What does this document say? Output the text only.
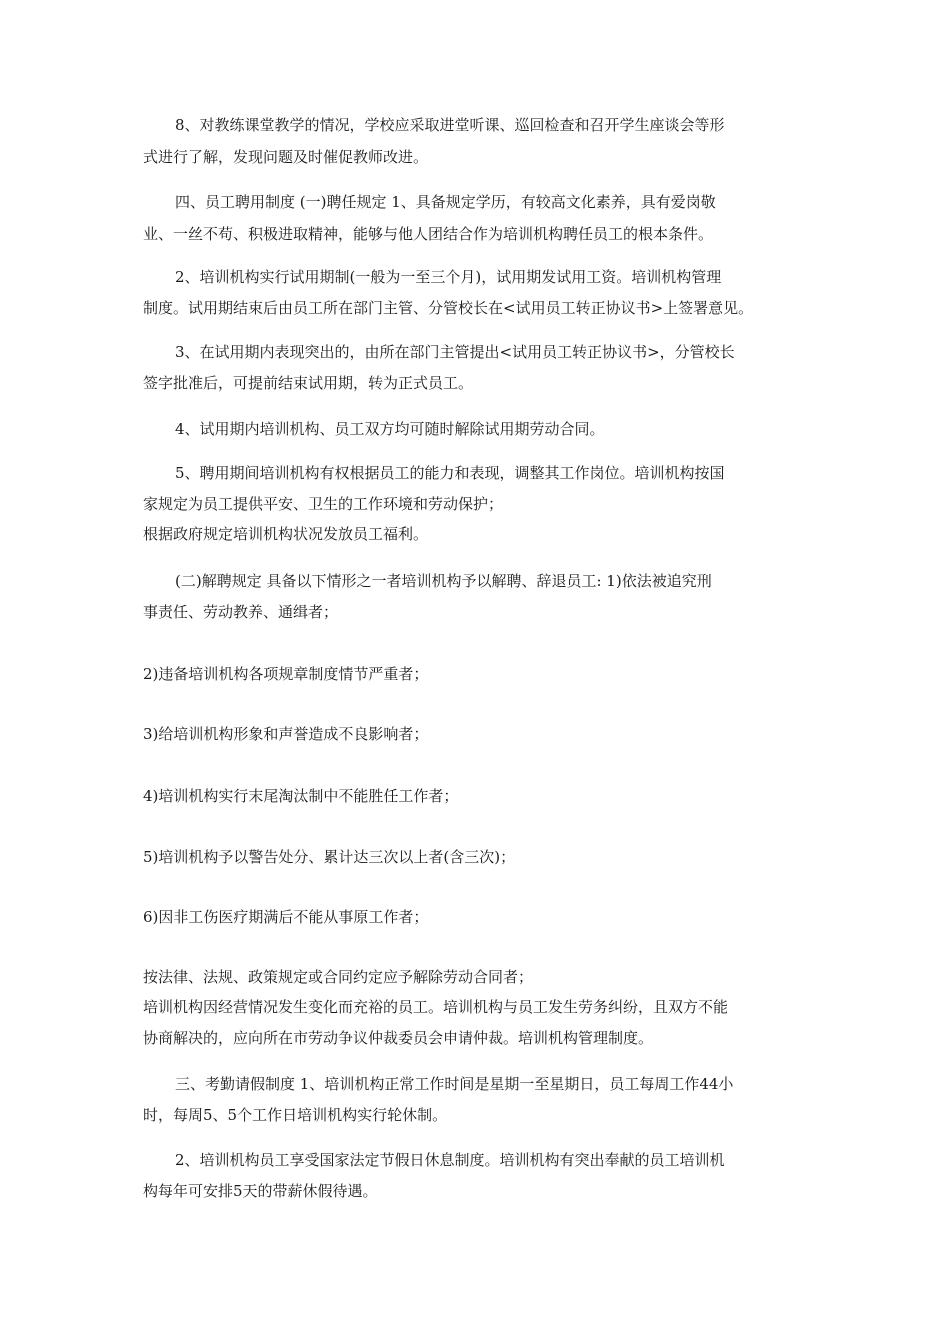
8、对教练课堂教学的情况，学校应采取进堂听课、巡回检查和召开学生座谈会等形
式进行了解，发现问题及时催促教师改进。
四、员工聘用制度 (一)聘任规定 1、具备规定学历，有较高文化素养，具有爱岗敬
业、一丝不苟、积极进取精神，能够与他人团结合作为培训机构聘任员工的根本条件。
2、培训机构实行试用期制(一般为一至三个月)，试用期发试用工资。培训机构管理
制度。试用期结束后由员工所在部门主管、分管校长在<试用员工转正协议书>上签署意见。
3、在试用期内表现突出的，由所在部门主管提出<试用员工转正协议书>，分管校长
签字批准后，可提前结束试用期，转为正式员工。
4、试用期内培训机构、员工双方均可随时解除试用期劳动合同。
5、聘用期间培训机构有权根据员工的能力和表现，调整其工作岗位。培训机构按国
家规定为员工提供平安、卫生的工作环境和劳动保护；
根据政府规定培训机构状况发放员工福利。
(二)解聘规定 具备以下情形之一者培训机构予以解聘、辞退员工: 1)依法被追究刑
事责任、劳动教养、通缉者；
2)违备培训机构各项规章制度情节严重者；
3)给培训机构形象和声誉造成不良影响者；
4)培训机构实行末尾淘汰制中不能胜任工作者；
5)培训机构予以警告处分、累计达三次以上者(含三次)；
6)因非工伤医疗期满后不能从事原工作者；
按法律、法规、政策规定或合同约定应予解除劳动合同者；
培训机构因经营情况发生变化而充裕的员工。培训机构与员工发生劳务纠纷，且双方不能
协商解决的，应向所在市劳动争议仲裁委员会申请仲裁。培训机构管理制度。
三、考勤请假制度 1、培训机构正常工作时间是星期一至星期日，员工每周工作44小
时，每周5、5个工作日培训机构实行轮休制。
2、培训机构员工享受国家法定节假日休息制度。培训机构有突出奉献的员工培训机
构每年可安排5天的带薪休假待遇。
